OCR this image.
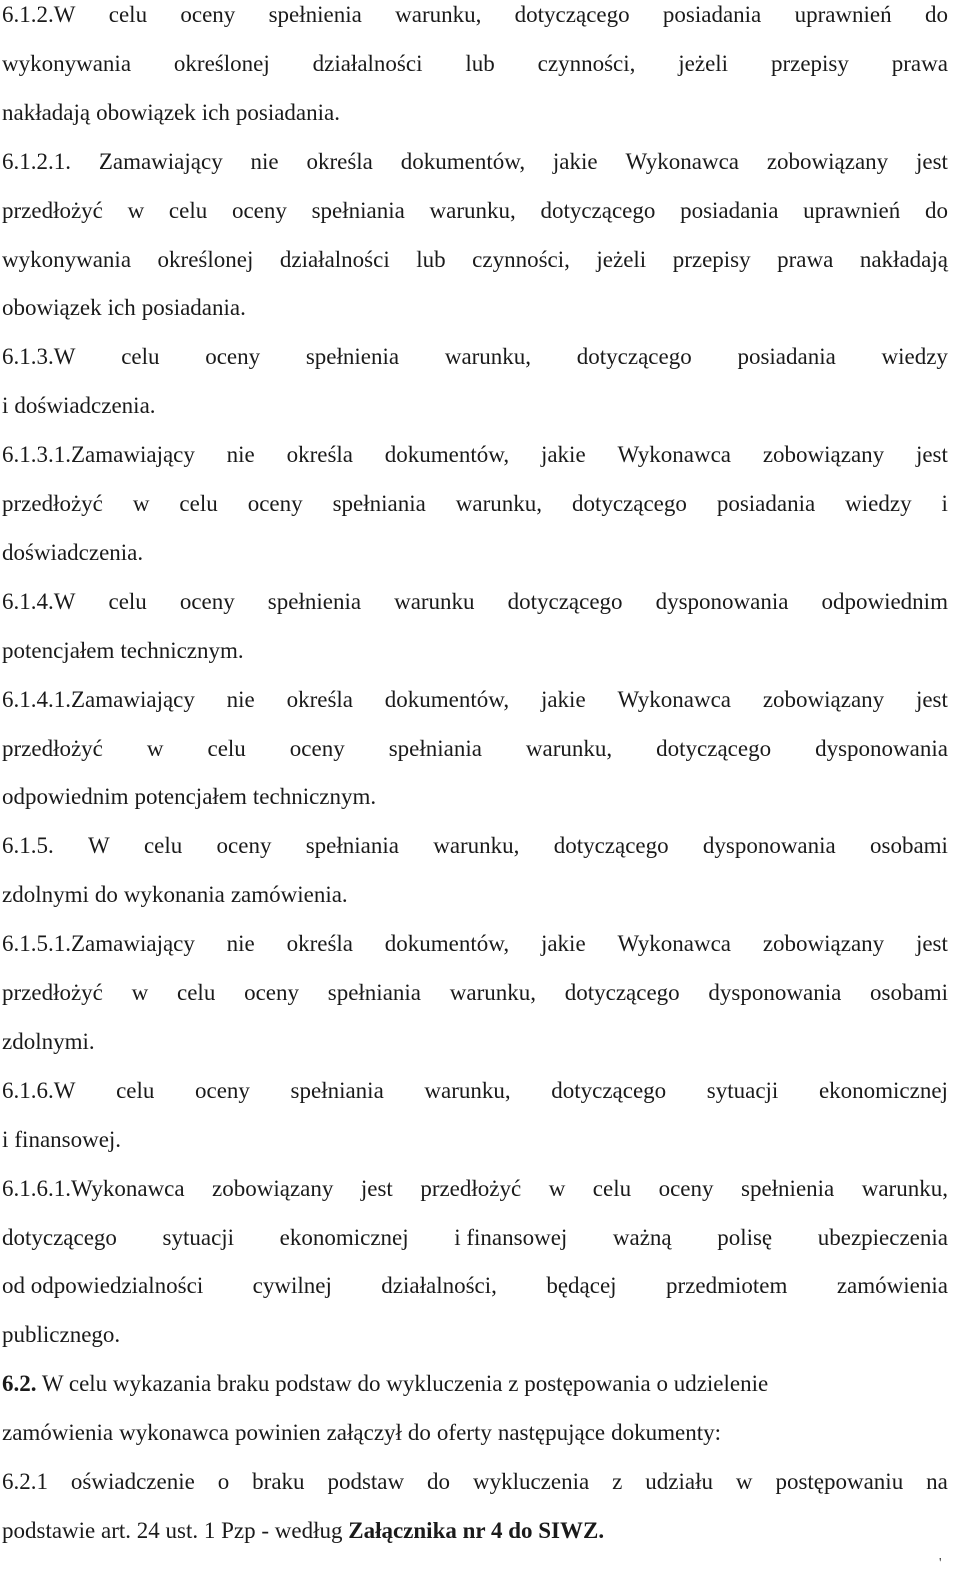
6.1.2.W celu oceny spełnienia warunku, dotyczącego posiadania uprawnień do
wykonywania określonej działalności lub czynności, jeżeli przepisy prawa
nakładają obowiązek ich posiadania.
6.1.2.1. Zamawiający nie określa dokumentów, jakie Wykonawca zobowiązany jest
przedłożyć w celu oceny spełniania warunku, dotyczącego posiadania uprawnień do
wykonywania określonej działalności lub czynności, jeżeli przepisy prawa nakładają
obowiązek ich posiadania.
6.1.3.W celu oceny spełnienia warunku, dotyczącego posiadania wiedzy
i doświadczenia.
6.1.3.1.Zamawiający nie określa dokumentów, jakie Wykonawca zobowiązany jest
przedłożyć w celu oceny spełniania warunku, dotyczącego posiadania wiedzy i
doświadczenia.
6.1.4.W celu oceny spełnienia warunku dotyczącego dysponowania odpowiednim
potencjałem technicznym.
6.1.4.1.Zamawiający nie określa dokumentów, jakie Wykonawca zobowiązany jest
przedłożyć w celu oceny spełniania warunku, dotyczącego dysponowania
odpowiednim potencjałem technicznym.
6.1.5. W celu oceny spełniania warunku, dotyczącego dysponowania osobami
zdolnymi do wykonania zamówienia.
6.1.5.1.Zamawiający nie określa dokumentów, jakie Wykonawca zobowiązany jest
przedłożyć w celu oceny spełniania warunku, dotyczącego dysponowania osobami
zdolnymi.
6.1.6.W celu oceny spełniania warunku, dotyczącego sytuacji ekonomicznej
i finansowej.
6.1.6.1.Wykonawca zobowiązany jest przedłożyć w celu oceny spełnienia warunku,
dotyczącego sytuacji ekonomicznej i finansowej ważną polisę ubezpieczenia
od odpowiedzialności cywilnej działalności, będącej przedmiotem zamówienia
publicznego.
6.2. W celu wykazania braku podstaw do wykluczenia z postępowania o udzielenie
zamówienia wykonawca powinien załączył do oferty następujące dokumenty:
6.2.1 oświadczenie o braku podstaw do wykluczenia z udziału w postępowaniu na
podstawie art. 24 ust. 1 Pzp - według Załącznika nr 4 do SIWZ.
'
